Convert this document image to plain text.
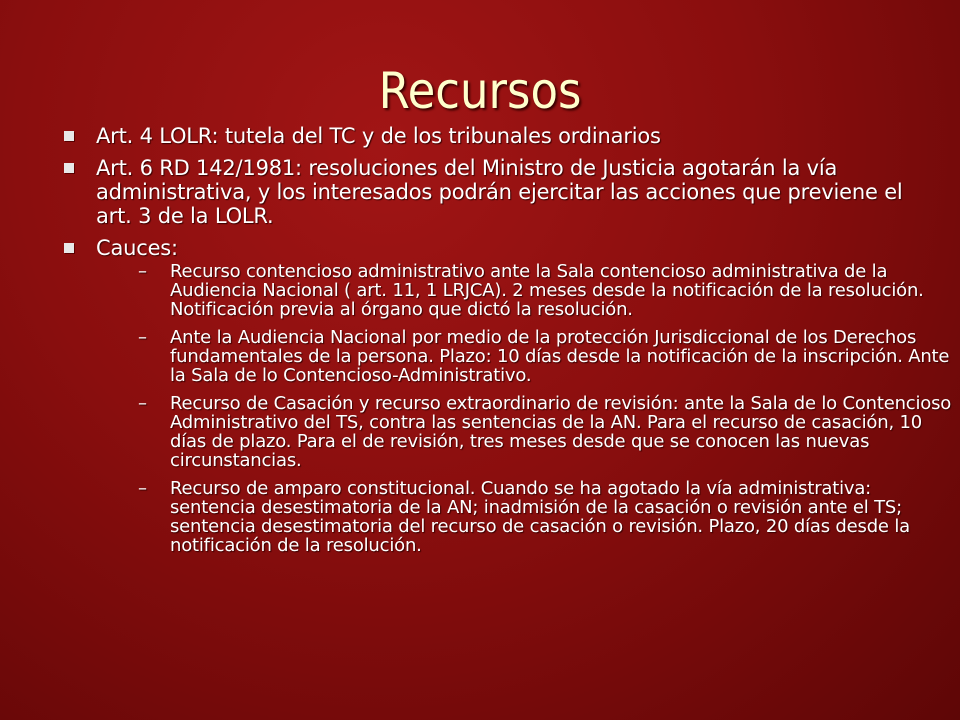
Recursos
Art. 4 LOLR: tutela del TC y de los tribunales ordinarios
Art. 6 RD 142/1981: resoluciones del Ministro de Justicia agotarán la vía administrativa, y los interesados podrán ejercitar las acciones que previene el art. 3 de la LOLR.
Cauces:
– Recurso contencioso administrativo ante la Sala contencioso administrativa de la Audiencia Nacional ( art. 11, 1 LRJCA). 2 meses desde la notificación de la resolución. Notificación previa al órgano que dictó la resolución.
– Ante la Audiencia Nacional por medio de la protección Jurisdiccional de los Derechos fundamentales de la persona. Plazo: 10 días desde la notificación de la inscripción. Ante la Sala de lo Contencioso-Administrativo.
– Recurso de Casación y recurso extraordinario de revisión: ante la Sala de lo Contencioso Administrativo del TS, contra las sentencias de la AN. Para el recurso de casación, 10 días de plazo. Para el de revisión, tres meses desde que se conocen las nuevas circunstancias.
– Recurso de amparo constitucional. Cuando se ha agotado la vía administrativa: sentencia desestimatoria de la AN; inadmisión de la casación o revisión ante el TS; sentencia desestimatoria del recurso de casación o revisión. Plazo, 20 días desde la notificación de la resolución.
